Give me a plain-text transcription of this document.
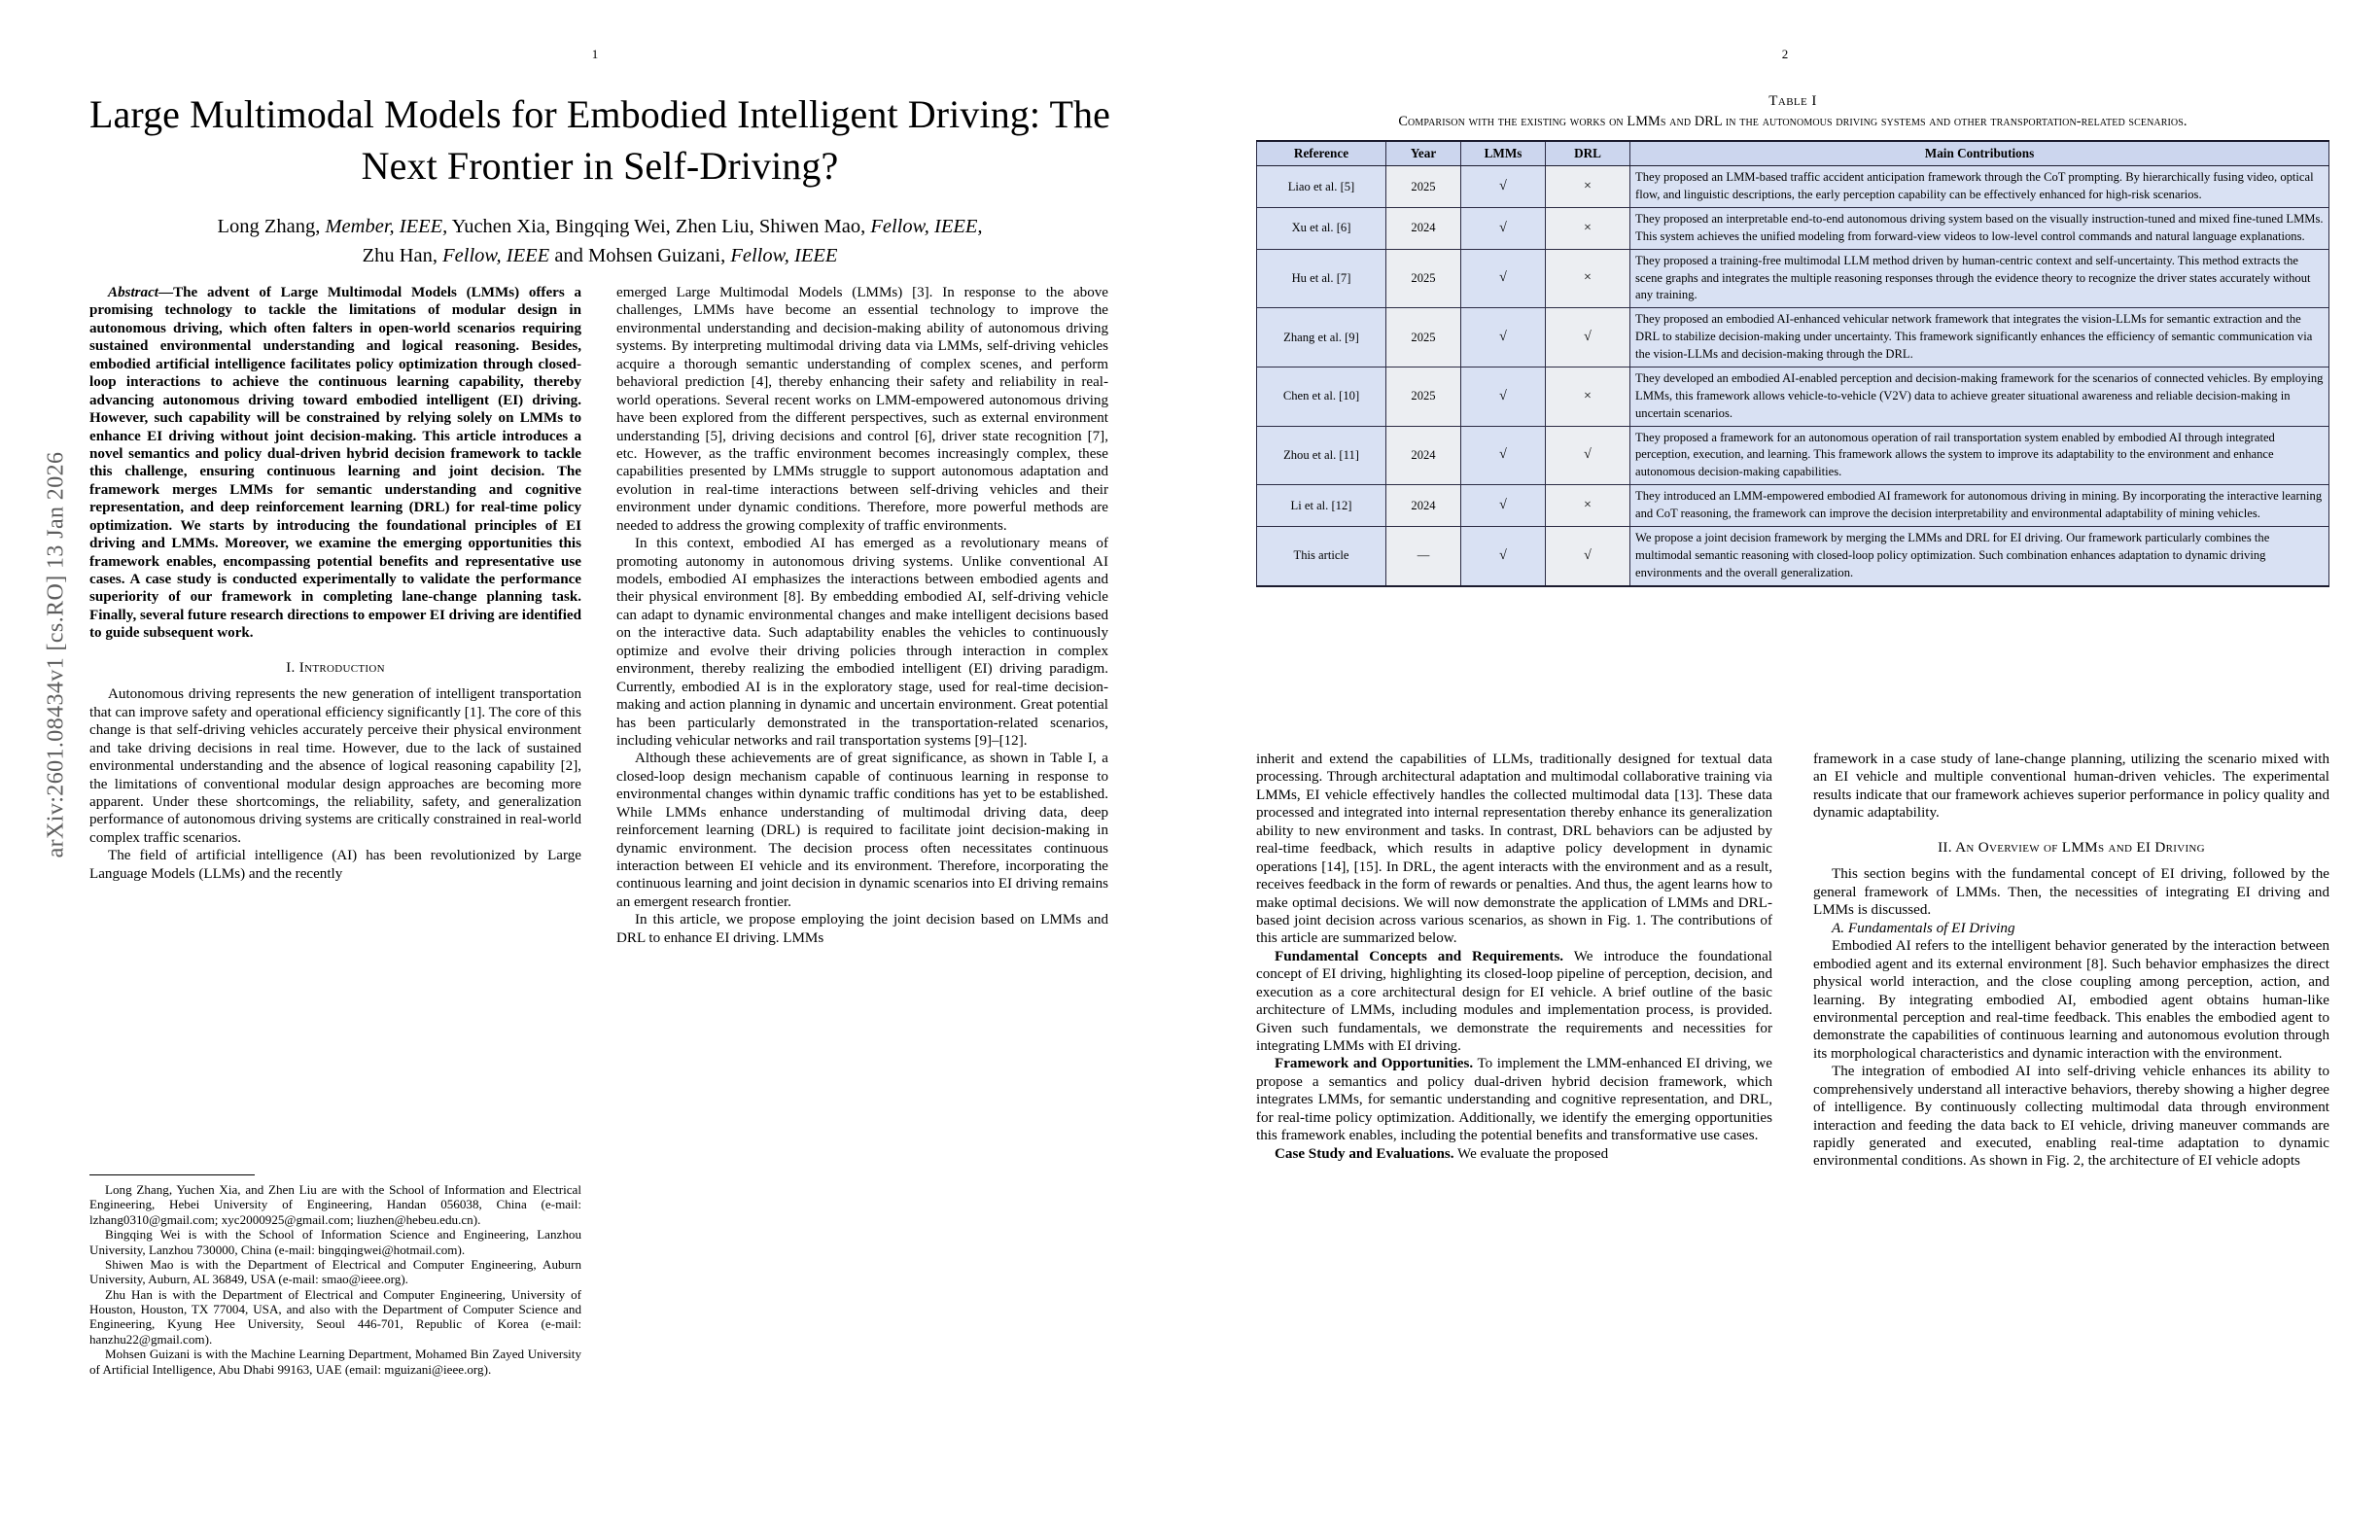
1
arXiv:2601.08434v1 [cs.RO] 13 Jan 2026
Large Multimodal Models for Embodied Intelligent Driving: The Next Frontier in Self-Driving?
Long Zhang, Member, IEEE, Yuchen Xia, Bingqing Wei, Zhen Liu, Shiwen Mao, Fellow, IEEE,
Zhu Han, Fellow, IEEE and Mohsen Guizani, Fellow, IEEE

Abstract—The advent of Large Multimodal Models (LMMs) offers a promising technology to tackle the limitations of modular design in autonomous driving, which often falters in open-world scenarios requiring sustained environmental understanding and logical reasoning. Besides, embodied artificial intelligence facilitates policy optimization through closed-loop interactions to achieve the continuous learning capability, thereby advancing autonomous driving toward embodied intelligent (EI) driving. However, such capability will be constrained by relying solely on LMMs to enhance EI driving without joint decision-making. This article introduces a novel semantics and policy dual-driven hybrid decision framework to tackle this challenge, ensuring continuous learning and joint decision. The framework merges LMMs for semantic understanding and cognitive representation, and deep reinforcement learning (DRL) for real-time policy optimization. We starts by introducing the foundational principles of EI driving and LMMs. Moreover, we examine the emerging opportunities this framework enables, encompassing potential benefits and representative use cases. A case study is conducted experimentally to validate the performance superiority of our framework in completing lane-change planning task. Finally, several future research directions to empower EI driving are identified to guide subsequent work.

I. Introduction

Autonomous driving represents the new generation of intelligent transportation that can improve safety and operational efficiency significantly [1]. The core of this change is that self-driving vehicles accurately perceive their physical environment and take driving decisions in real time. However, due to the lack of sustained environmental understanding and the absence of logical reasoning capability [2], the limitations of conventional modular design approaches are becoming more apparent. Under these shortcomings, the reliability, safety, and generalization performance of autonomous driving systems are critically constrained in real-world complex traffic scenarios.

The field of artificial intelligence (AI) has been revolutionized by Large Language Models (LLMs) and the recently

emerged Large Multimodal Models (LMMs) [3]. In response to the above challenges, LMMs have become an essential technology to improve the environmental understanding and decision-making ability of autonomous driving systems. By interpreting multimodal driving data via LMMs, self-driving vehicles acquire a thorough semantic understanding of complex scenes, and perform behavioral prediction [4], thereby enhancing their safety and reliability in real-world operations. Several recent works on LMM-empowered autonomous driving have been explored from the different perspectives, such as external environment understanding [5], driving decisions and control [6], driver state recognition [7], etc. However, as the traffic environment becomes increasingly complex, these capabilities presented by LMMs struggle to support autonomous adaptation and evolution in real-time interactions between self-driving vehicles and their environment under dynamic conditions. Therefore, more powerful methods are needed to address the growing complexity of traffic environments.

In this context, embodied AI has emerged as a revolutionary means of promoting autonomy in autonomous driving systems. Unlike conventional AI models, embodied AI emphasizes the interactions between embodied agents and their physical environment [8]. By embedding embodied AI, self-driving vehicle can adapt to dynamic environmental changes and make intelligent decisions based on the interactive data. Such adaptability enables the vehicles to continuously optimize and evolve their driving policies through interaction in complex environment, thereby realizing the embodied intelligent (EI) driving paradigm. Currently, embodied AI is in the exploratory stage, used for real-time decision-making and action planning in dynamic and uncertain environment. Great potential has been particularly demonstrated in the transportation-related scenarios, including vehicular networks and rail transportation systems [9]–[12].

Although these achievements are of great significance, as shown in Table I, a closed-loop design mechanism capable of continuous learning in response to environmental changes within dynamic traffic conditions has yet to be established. While LMMs enhance understanding of multimodal driving data, deep reinforcement learning (DRL) is required to facilitate joint decision-making in dynamic environment. The decision process often necessitates continuous interaction between EI vehicle and its environment. Therefore, incorporating the continuous learning and joint decision in dynamic scenarios into EI driving remains an emergent research frontier.

In this article, we propose employing the joint decision based on LMMs and DRL to enhance EI driving. LMMs

Long Zhang, Yuchen Xia, and Zhen Liu are with the School of Information and Electrical Engineering, Hebei University of Engineering, Handan 056038, China (e-mail: lzhang0310@gmail.com; xyc2000925@gmail.com; liuzhen@hebeu.edu.cn).

Bingqing Wei is with the School of Information Science and Engineering, Lanzhou University, Lanzhou 730000, China (e-mail: bingqingwei@hotmail.com).

Shiwen Mao is with the Department of Electrical and Computer Engineering, Auburn University, Auburn, AL 36849, USA (e-mail: smao@ieee.org).

Zhu Han is with the Department of Electrical and Computer Engineering, University of Houston, Houston, TX 77004, USA, and also with the Department of Computer Science and Engineering, Kyung Hee University, Seoul 446-701, Republic of Korea (e-mail: hanzhu22@gmail.com).

Mohsen Guizani is with the Machine Learning Department, Mohamed Bin Zayed University of Artificial Intelligence, Abu Dhabi 99163, UAE (email: mguizani@ieee.org).

2
Table I
Comparison with the existing works on LMMs and DRL in the autonomous driving systems and other transportation-related scenarios.
Reference	Year	LMMs	DRL	Main Contributions
Liao et al. [5]	2025	√	×	They proposed an LMM-based traffic accident anticipation framework through the CoT prompting. By hierarchically fusing video, optical flow, and linguistic descriptions, the early perception capability can be effectively enhanced for high-risk scenarios.
Xu et al. [6]	2024	√	×	They proposed an interpretable end-to-end autonomous driving system based on the visually instruction-tuned and mixed fine-tuned LMMs. This system achieves the unified modeling from forward-view videos to low-level control commands and natural language explanations.
Hu et al. [7]	2025	√	×	They proposed a training-free multimodal LLM method driven by human-centric context and self-uncertainty. This method extracts the scene graphs and integrates the multiple reasoning responses through the evidence theory to recognize the driver states accurately without any training.
Zhang et al. [9]	2025	√	√	They proposed an embodied AI-enhanced vehicular network framework that integrates the vision-LLMs for semantic extraction and the DRL to stabilize decision-making under uncertainty. This framework significantly enhances the efficiency of semantic communication via the vision-LLMs and decision-making through the DRL.
Chen et al. [10]	2025	√	×	They developed an embodied AI-enabled perception and decision-making framework for the scenarios of connected vehicles. By employing LMMs, this framework allows vehicle-to-vehicle (V2V) data to achieve greater situational awareness and reliable decision-making in uncertain scenarios.
Zhou et al. [11]	2024	√	√	They proposed a framework for an autonomous operation of rail transportation system enabled by embodied AI through integrated perception, execution, and learning. This framework allows the system to improve its adaptability to the environment and enhance autonomous decision-making capabilities.
Li et al. [12]	2024	√	×	They introduced an LMM-empowered embodied AI framework for autonomous driving in mining. By incorporating the interactive learning and CoT reasoning, the framework can improve the decision interpretability and environmental adaptability of mining vehicles.
This article	—	√	√	We propose a joint decision framework by merging the LMMs and DRL for EI driving. Our framework particularly combines the multimodal semantic reasoning with closed-loop policy optimization. Such combination enhances adaptation to dynamic driving environments and the overall generalization.

inherit and extend the capabilities of LLMs, traditionally designed for textual data processing. Through architectural adaptation and multimodal collaborative training via LMMs, EI vehicle effectively handles the collected multimodal data [13]. These data processed and integrated into internal representation thereby enhance its generalization ability to new environment and tasks. In contrast, DRL behaviors can be adjusted by real-time feedback, which results in adaptive policy development in dynamic operations [14], [15]. In DRL, the agent interacts with the environment and as a result, receives feedback in the form of rewards or penalties. And thus, the agent learns how to make optimal decisions. We will now demonstrate the application of LMMs and DRL-based joint decision across various scenarios, as shown in Fig. 1. The contributions of this article are summarized below.

Fundamental Concepts and Requirements. We introduce the foundational concept of EI driving, highlighting its closed-loop pipeline of perception, decision, and execution as a core architectural design for EI vehicle. A brief outline of the basic architecture of LMMs, including modules and implementation process, is provided. Given such fundamentals, we demonstrate the requirements and necessities for integrating LMMs with EI driving.

Framework and Opportunities. To implement the LMM-enhanced EI driving, we propose a semantics and policy dual-driven hybrid decision framework, which integrates LMMs, for semantic understanding and cognitive representation, and DRL, for real-time policy optimization. Additionally, we identify the emerging opportunities this framework enables, including the potential benefits and transformative use cases.

Case Study and Evaluations. We evaluate the proposed

framework in a case study of lane-change planning, utilizing the scenario mixed with an EI vehicle and multiple conventional human-driven vehicles. The experimental results indicate that our framework achieves superior performance in policy quality and dynamic adaptability.

II. An Overview of LMMs and EI Driving

This section begins with the fundamental concept of EI driving, followed by the general framework of LMMs. Then, the necessities of integrating EI driving and LMMs is discussed.

A. Fundamentals of EI Driving

Embodied AI refers to the intelligent behavior generated by the interaction between embodied agent and its external environment [8]. Such behavior emphasizes the direct physical world interaction, and the close coupling among perception, action, and learning. By integrating embodied AI, embodied agent obtains human-like environmental perception and real-time feedback. This enables the embodied agent to demonstrate the capabilities of continuous learning and autonomous evolution through its morphological characteristics and dynamic interaction with the environment.

The integration of embodied AI into self-driving vehicle enhances its ability to comprehensively understand all interactive behaviors, thereby showing a higher degree of intelligence. By continuously collecting multimodal data through environment interaction and feeding the data back to EI vehicle, driving maneuver commands are rapidly generated and executed, enabling real-time adaptation to dynamic environmental conditions. As shown in Fig. 2, the architecture of EI vehicle adopts
